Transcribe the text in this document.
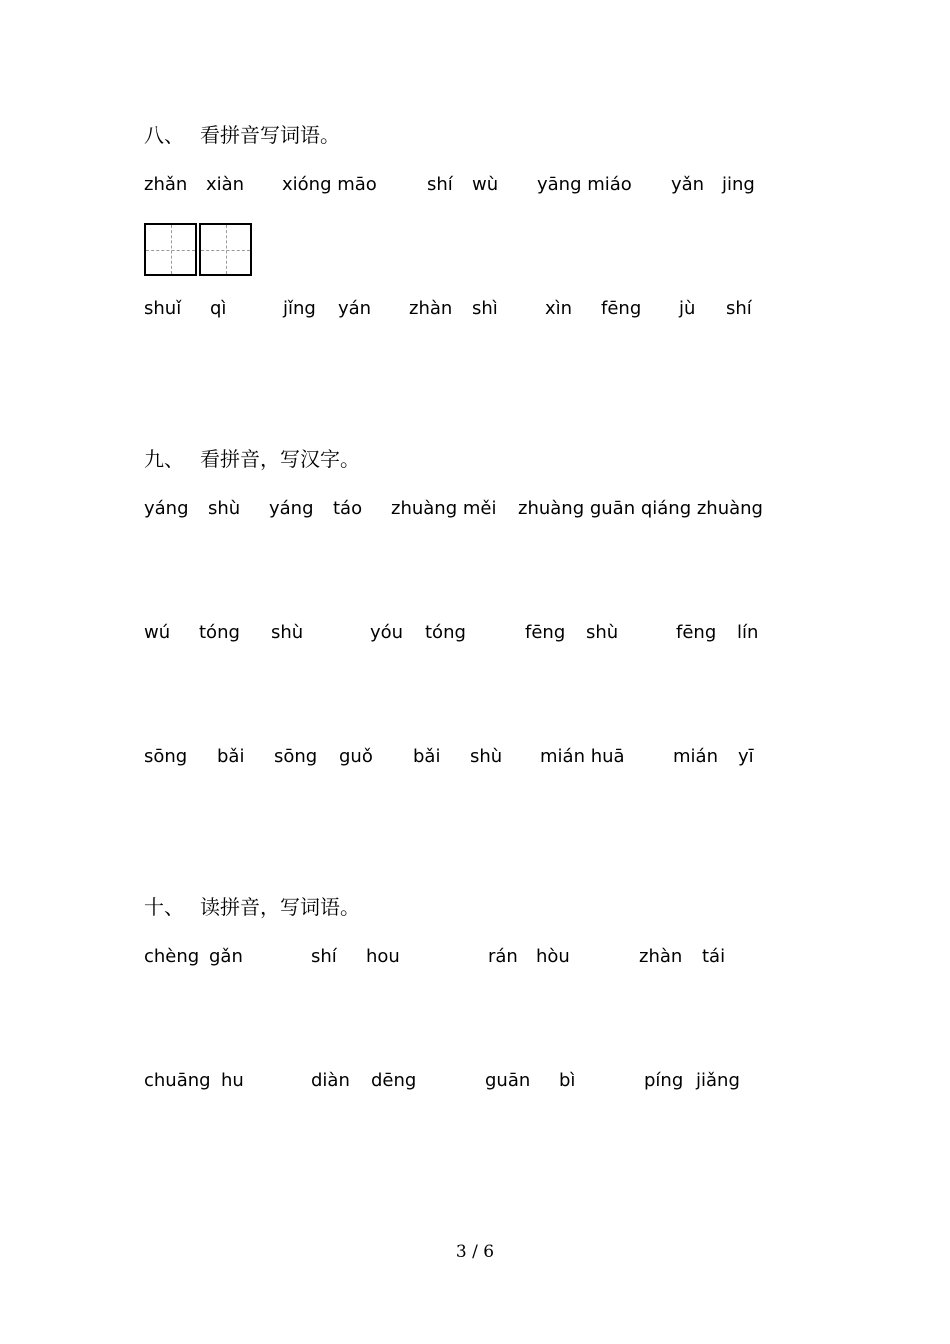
八、 看拼音写词语。
zhǎn xiàn xióng māo	shí wù yāng miáo yǎn jing
shuǐ qì	jǐng yán zhàn shì	xìn fēng jù shí
九、 看拼音，写汉字。
yáng shù yáng táo zhuàng měi zhuàng guān qiáng zhuàng
wú tóng shù	yóu tóng	fēng shù	fēng lín
sōng bǎi sōng guǒ bǎi shù mián huā	mián yī
十、 读拼音，写词语。
chèng gǎn	shí hou	rán hòu	zhàn tái
chuāng hu	diàn dēng	guān bì	píng jiǎng
3 / 6
